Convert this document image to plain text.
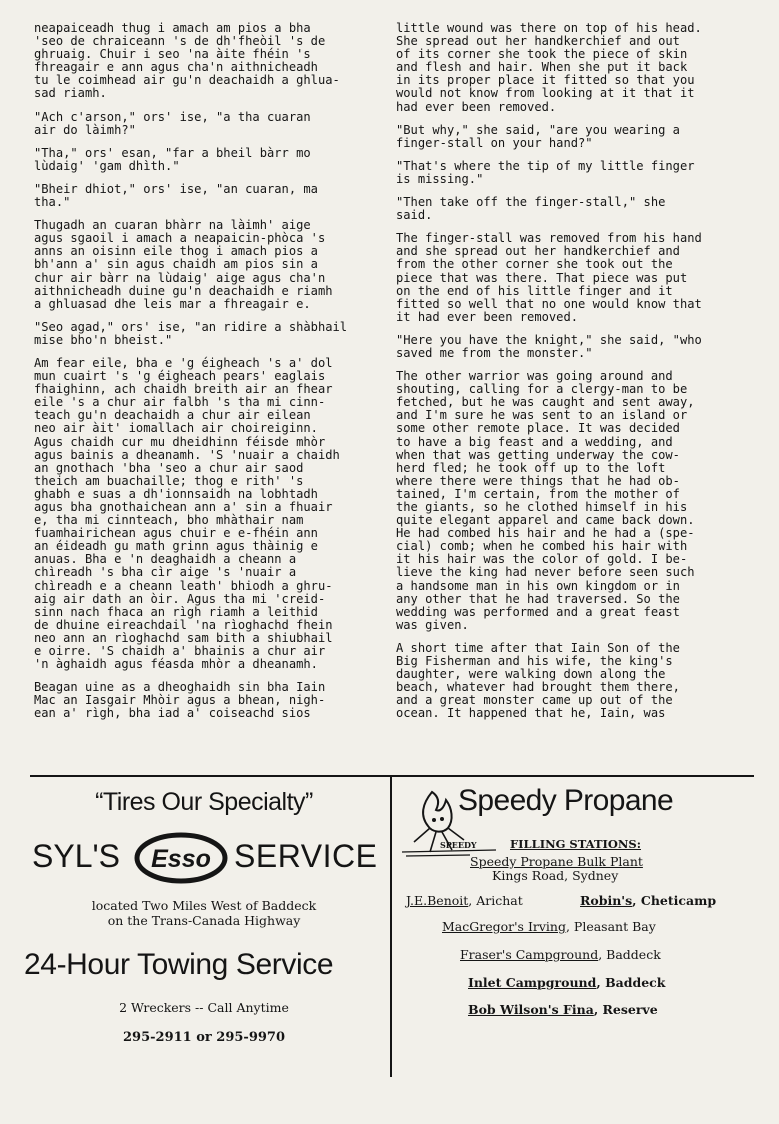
neapaiceadh thug i amach am pios a bha
'seo de chraiceann 's de dh'fheòil 's de
ghruaig. Chuir i seo 'na àite fhéin 's
fhreagair e ann agus cha'n aithnicheadh
tu le coimhead air gu'n deachaidh a ghlua-
sad riamh.

"Ach c'arson," ors' ise, "a tha cuaran
air do làimh?"

"Tha," ors' esan, "far a bheil bàrr mo
lùdaig' 'gam dhìth."

"Bheir dhiot," ors' ise, "an cuaran, ma
tha."

Thugadh an cuaran bhàrr na làimh' aige
agus sgaoil i amach a neapaicin-phòca 's
anns an oisinn eile thog i amach pios a
bh'ann a' sin agus chaidh am pios sin a
chur air bàrr na lùdaig' aige agus cha'n
aithnicheadh duine gu'n deachaidh e riamh
a ghluasad dhe leis mar a fhreagair e.

"Seo agad," ors' ise, "an ridire a shàbhail
mise bho'n bheist."

Am fear eile, bha e 'g éigheach 's a' dol
mun cuairt 's 'g éigheach pears' eaglais
fhaighinn, ach chaidh breith air an fhear
eile 's a chur air falbh 's tha mi cinn-
teach gu'n deachaidh a chur air eilean
neo air àit' iomallach air choireiginn.
Agus chaidh cur mu dheidhinn féisde mhòr
agus bainis a dheanamh. 'S 'nuair a chaidh
an gnothach 'bha 'seo a chur air saod
theich am buachaille; thog e rith' 's
ghabh e suas a dh'ionnsaidh na lobhtadh
agus bha gnothaichean ann a' sin a fhuair
e, tha mi cinnteach, bho mhàthair nam
fuamhairichean agus chuir e e-fhéin ann
an éideadh gu math grinn agus thàinig e
anuas. Bha e 'n deaghaidh a cheann a
chìreadh 's bha cìr aige 's 'nuair a
chìreadh e a cheann leath' bhiodh a ghru-
aig air dath an òir. Agus tha mi 'creid-
sinn nach fhaca an rìgh riamh a leithid
de dhuine eireachdail 'na rìoghachd fhein
neo ann an rìoghachd sam bith a shiubhail
e oirre. 'S chaidh a' bhainis a chur air
'n àghaidh agus féasda mhòr a dheanamh.

Beagan uine as a dheoghaidh sin bha Iain
Mac an Iasgair Mhòir agus a bhean, nigh-
ean a' rìgh, bha iad a' coiseachd sios

little wound was there on top of his head.
She spread out her handkerchief and out
of its corner she took the piece of skin
and flesh and hair. When she put it back
in its proper place it fitted so that you
would not know from looking at it that it
had ever been removed.

"But why," she said, "are you wearing a
finger-stall on your hand?"

"That's where the tip of my little finger
is missing."

"Then take off the finger-stall," she
said.

The finger-stall was removed from his hand
and she spread out her handkerchief and
from the other corner she took out the
piece that was there. That piece was put
on the end of his little finger and it
fitted so well that no one would know that
it had ever been removed.

"Here you have the knight," she said, "who
saved me from the monster."

The other warrior was going around and
shouting, calling for a clergy-man to be
fetched, but he was caught and sent away,
and I'm sure he was sent to an island or
some other remote place. It was decided
to have a big feast and a wedding, and
when that was getting underway the cow-
herd fled; he took off up to the loft
where there were things that he had ob-
tained, I'm certain, from the mother of
the giants, so he clothed himself in his
quite elegant apparel and came back down.
He had combed his hair and he had a (spe-
cial) comb; when he combed his hair with
it his hair was the color of gold. I be-
lieve the king had never before seen such
a handsome man in his own kingdom or in
any other that he had traversed. So the
wedding was performed and a great feast
was given.

A short time after that Iain Son of the
Big Fisherman and his wife, the king's
daughter, were walking down along the
beach, whatever had brought them there,
and a great monster came up out of the
ocean. It happened that he, Iain, was

“Tires Our Specialty”
SYL'S Esso SERVICE
located Two Miles West of Baddeck
on the Trans-Canada Highway
24-Hour Towing Service
2 Wreckers -- Call Anytime
295-2911 or 295-9970
SPEEDY
Speedy Propane
FILLING STATIONS:
Speedy Propane Bulk Plant
Kings Road, Sydney
J.E.Benoit, Arichat	Robin's, Cheticamp
MacGregor's Irving, Pleasant Bay
Fraser's Campground, Baddeck
Inlet Campground, Baddeck
Bob Wilson's Fina, Reserve
